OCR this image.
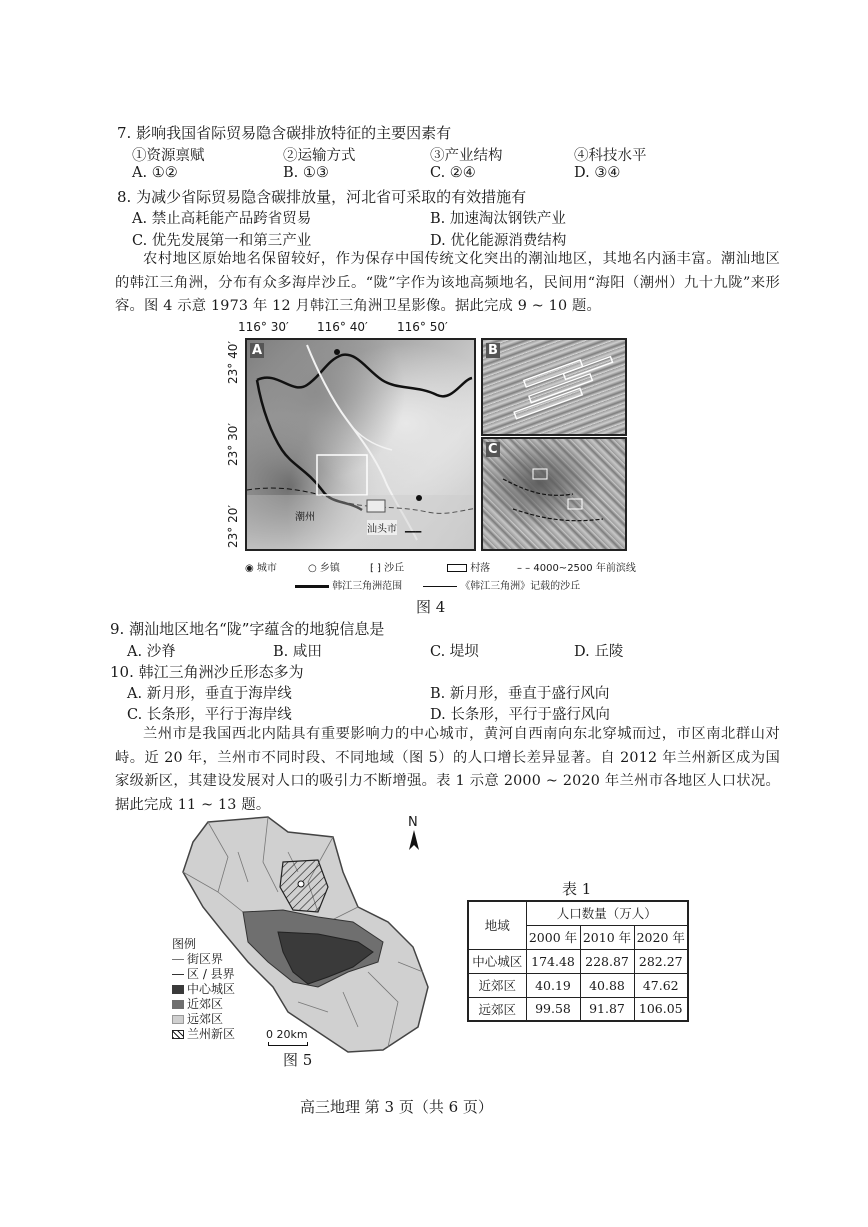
7. 影响我国省际贸易隐含碳排放特征的主要因素有
①资源禀赋	②运输方式	③产业结构	④科技水平
A. ①②	B. ①③	C. ②④	D. ③④
8. 为减少省际贸易隐含碳排放量，河北省可采取的有效措施有
A. 禁止高耗能产品跨省贸易	B. 加速淘汰钢铁产业
C. 优先发展第一和第三产业	D. 优化能源消费结构
农村地区原始地名保留较好，作为保存中国传统文化突出的潮汕地区，其地名内涵丰富。潮汕地区的韩江三角洲，分布有众多海岸沙丘。“陇”字作为该地高频地名，民间用“海阳（潮州）九十九陇”来形容。图 4 示意 1973 年 12 月韩江三角洲卫星影像。据此完成 9 ~ 10 题。
116° 30′ 116° 40′ 116° 50′
23° 40′
23° 30′
23° 20′	━━━
A
潮州
汕头市
B
C
◉ 城市	○ 乡镇	⁅ ⁆ 沙丘	村落	– – 4000~2500 年前滨线
韩江三角洲范围	《韩江三角洲》记载的沙丘
图 4
9. 潮汕地区地名“陇”字蕴含的地貌信息是
A. 沙脊	B. 咸田	C. 堤坝	D. 丘陵
10. 韩江三角洲沙丘形态多为
A. 新月形，垂直于海岸线	B. 新月形，垂直于盛行风向
C. 长条形，平行于海岸线	D. 长条形，平行于盛行风向
兰州市是我国西北内陆具有重要影响力的中心城市，黄河自西南向东北穿城而过，市区南北群山对峙。近 20 年，兰州市不同时段、不同地域（图 5）的人口增长差异显著。自 2012 年兰州新区成为国家级新区，其建设发展对人口的吸引力不断增强。表 1 示意 2000 ~ 2020 年兰州市各地区人口状况。据此完成 11 ~ 13 题。
N
图例
街区界
区 / 县界
中心城区
近郊区
远郊区
兰州新区	0 20km
图 5
表 1
地域	人口数量（万人）		
	2000 年	2010 年	2020 年
中心城区	174.48	228.87	282.27
近郊区	40.19	40.88	47.62
远郊区	99.58	91.87	106.05
高三地理 第 3 页（共 6 页）
